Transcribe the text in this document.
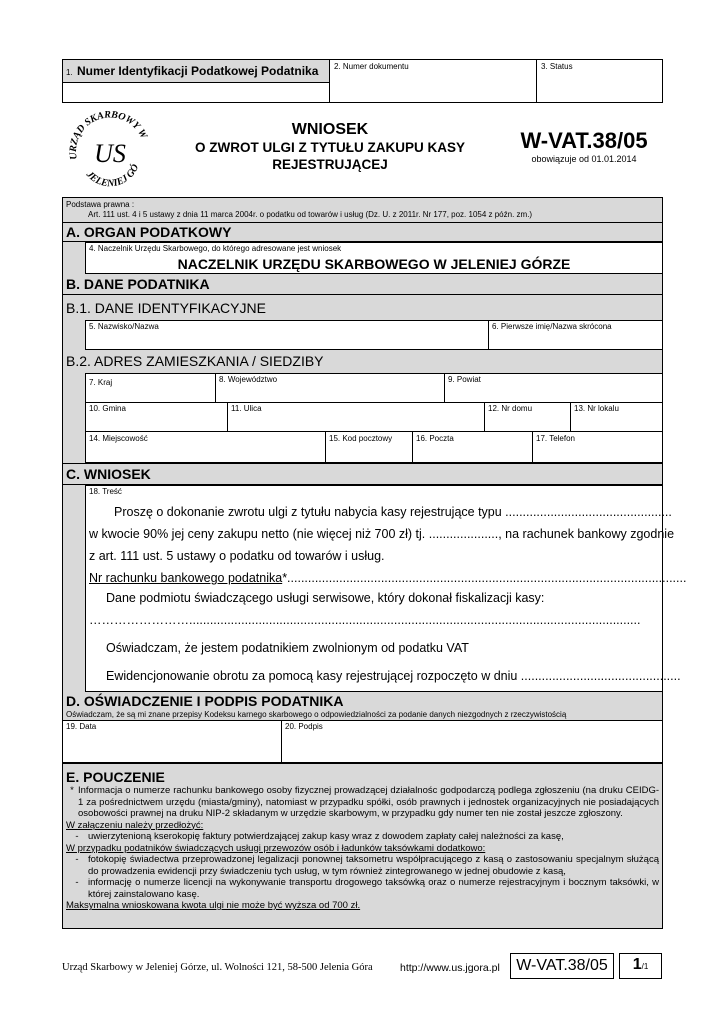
1. Numer Identyfikacji Podatkowej Podatnika 2. Numer dokumentu	3. Status
URZĄD SKARBOWY W
JELENIEJ GÓ
US
WNIOSEK
O ZWROT ULGI Z TYTUŁU ZAKUPU KASY
REJESTRUJĄCEJ
W-VAT.38/05
obowiązuje od 01.01.2014
Podstawa prawna :
Art. 111 ust. 4 i 5 ustawy z dnia 11 marca 2004r. o podatku od towarów i usług (Dz. U. z 2011r. Nr 177, poz. 1054 z późn. zm.)
A. ORGAN PODATKOWY
4. Naczelnik Urzędu Skarbowego, do którego adresowane jest wniosek
NACZELNIK URZĘDU SKARBOWEGO W JELENIEJ GÓRZE
B. DANE PODATNIKA
B.1. DANE IDENTYFIKACYJNE
5. Nazwisko/Nazwa	6. Pierwsze imię/Nazwa skrócona
B.2. ADRES ZAMIESZKANIA / SIEDZIBY
7. Kraj	8. Województwo	9. Powiat
10. Gmina	11. Ulica	12. Nr domu	13. Nr lokalu
14. Miejscowość	15. Kod pocztowy	16. Poczta	17. Telefon
C. WNIOSEK
18. Treść
Proszę o dokonanie zwrotu ulgi z tytułu nabycia kasy rejestrujące typu ................................................
w kwocie 90% jej ceny zakupu netto (nie więcej niż 700 zł) tj. ...................., na rachunek bankowy zgodnie
z art. 111 ust. 5 ustawy o podatku od towarów i usług.
Nr rachunku bankowego podatnika*...................................................................................................................
Dane podmiotu świadczącego usługi serwisowe, który dokonał fiskalizacji kasy:
……………………..................................................................................................................................
Oświadczam, że jestem podatnikiem zwolnionym od podatku VAT
Ewidencjonowanie obrotu za pomocą kasy rejestrującej rozpoczęto w dniu ..............................................
D. OŚWIADCZENIE I PODPIS PODATNIKA
Oświadczam, że są mi znane przepisy Kodeksu karnego skarbowego o odpowiedzialności za podanie danych niezgodnych z rzeczywistością
19. Data	20. Podpis
E. POUCZENIE
* Informacja o numerze rachunku bankowego osoby fizycznej prowadzącej działalnośc godpodarczą podlega zgłoszeniu (na druku CEIDG-1 za pośrednictwem urzędu (miasta/gminy), natomiast w przypadku spółki, osób prawnych i jednostek organizacyjnych nie posiadających osobowości prawnej na druku NIP-2 składanym w urzędzie skarbowym, w przypadku gdy numer ten nie został jeszcze zgłoszony.
W załączeniu należy przedłożyć:
- uwierzytenioną kserokopię faktury potwierdzającej zakup kasy wraz z dowodem zapłaty całej należności za kasę,
W przypadku podatników świadczących usługi przewozów osób i ładunków taksówkami dodatkowo:
- fotokopię świadectwa przeprowadzonej legalizacji ponownej taksometru współpracującego z kasą o zastosowaniu specjalnym służącą do prowadzenia ewidencji przy świadczeniu tych usług, w tym również zintegrowanego w jednej obudowie z kasą,
- informację o numerze licencji na wykonywanie transportu drogowego taksówką oraz o numerze rejestracyjnym i bocznym taksówki, w której zainstalowano kasę.
Maksymalna wnioskowana kwota ulgi nie może być wyższa od 700 zł.
Urząd Skarbowy w Jeleniej Górze, ul. Wolności 121, 58-500 Jelenia Góra	http://www.us.jgora.pl	W-VAT.38/05	1/1
